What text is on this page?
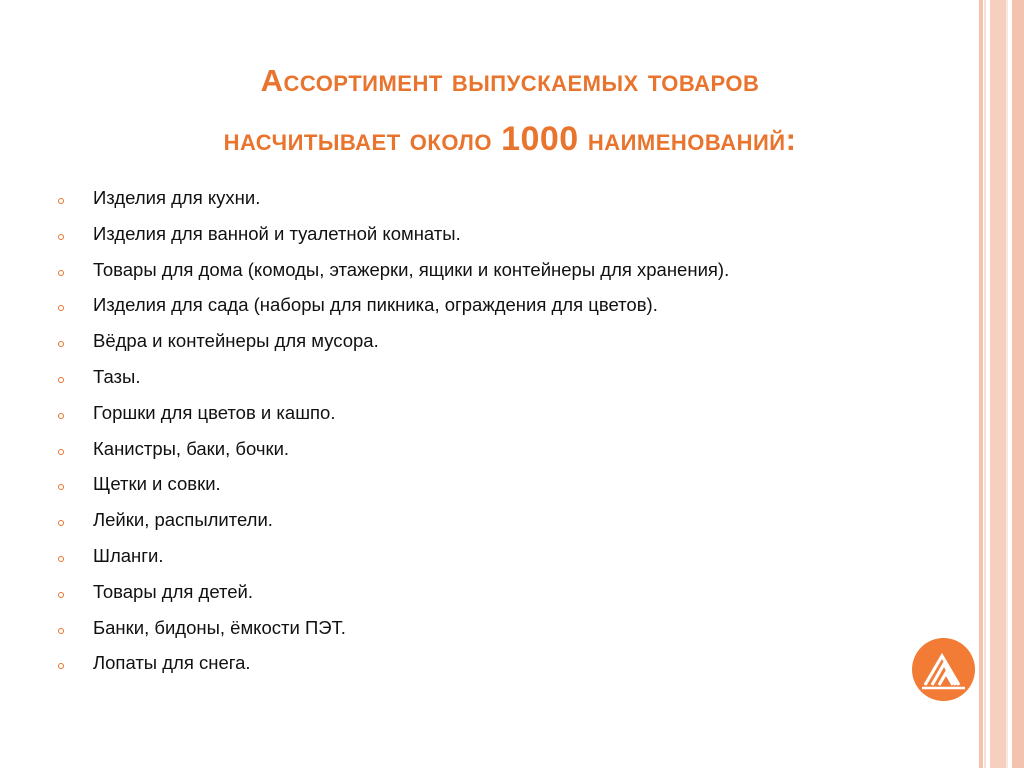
Ассортимент выпускаемых товаров
насчитывает около 1000 наименований:
Изделия для кухни.
Изделия для ванной и туалетной комнаты.
Товары для дома (комоды, этажерки, ящики и контейнеры для хранения).
Изделия для сада (наборы для пикника, ограждения для цветов).
Вёдра и контейнеры для мусора.
Тазы.
Горшки для цветов и кашпо.
Канистры, баки, бочки.
Щетки и совки.
Лейки, распылители.
Шланги.
Товары для детей.
Банки, бидоны, ёмкости ПЭТ.
Лопаты для снега.
